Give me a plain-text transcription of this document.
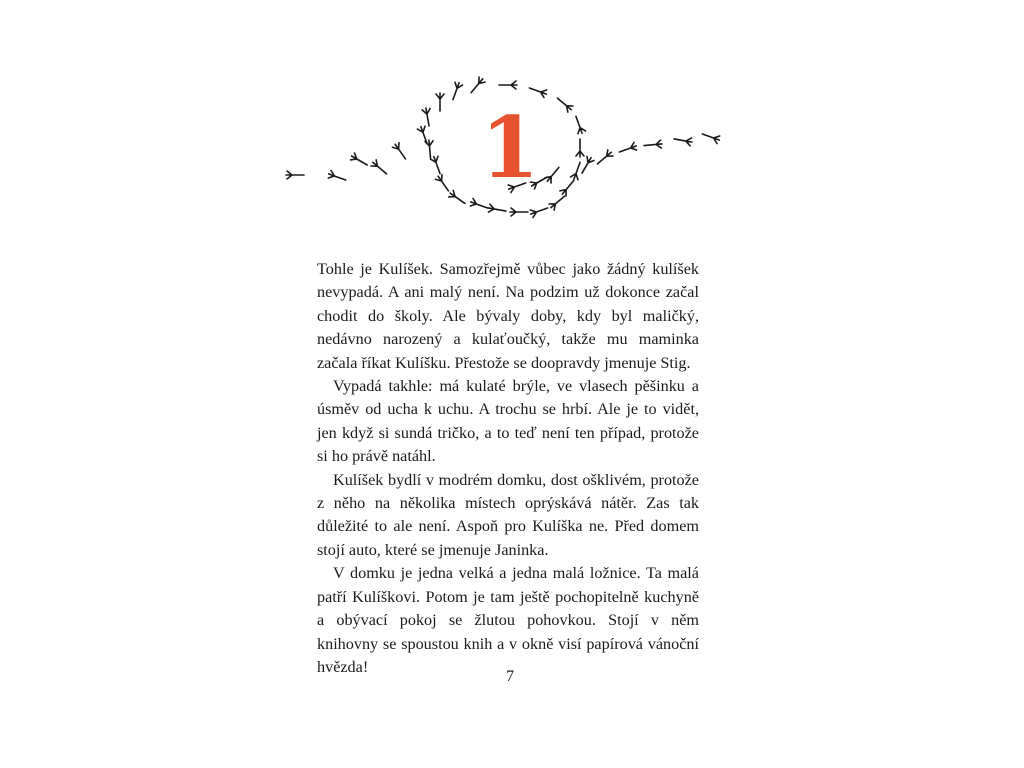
1

Tohle je Kulíšek. Samozřejmě vůbec jako žádný kulíšek nevypadá. A ani malý není. Na podzim už dokonce začal chodit do školy. Ale bývaly doby, kdy byl maličký, nedávno narozený a kulaťoučký, takže mu maminka začala říkat Kulíšku. Přestože se doopravdy jmenuje Stig.

Vypadá takhle: má kulaté brýle, ve vlasech pěšinku a úsměv od ucha k uchu. A trochu se hrbí. Ale je to vidět, jen když si sundá tričko, a to teď není ten případ, protože si ho právě natáhl.

Kulíšek bydlí v modrém domku, dost ošklivém, protože z něho na několika místech oprýskává nátěr. Zas tak důležité to ale není. Aspoň pro Kulíška ne. Před domem stojí auto, které se jmenuje Janinka.

V domku je jedna velká a jedna malá ložnice. Ta malá patří Kulíškovi. Potom je tam ještě pochopitelně kuchyně a obývací pokoj se žlutou pohovkou. Stojí v něm knihovny se spoustou knih a v okně visí papírová vánoční hvězda!

7
